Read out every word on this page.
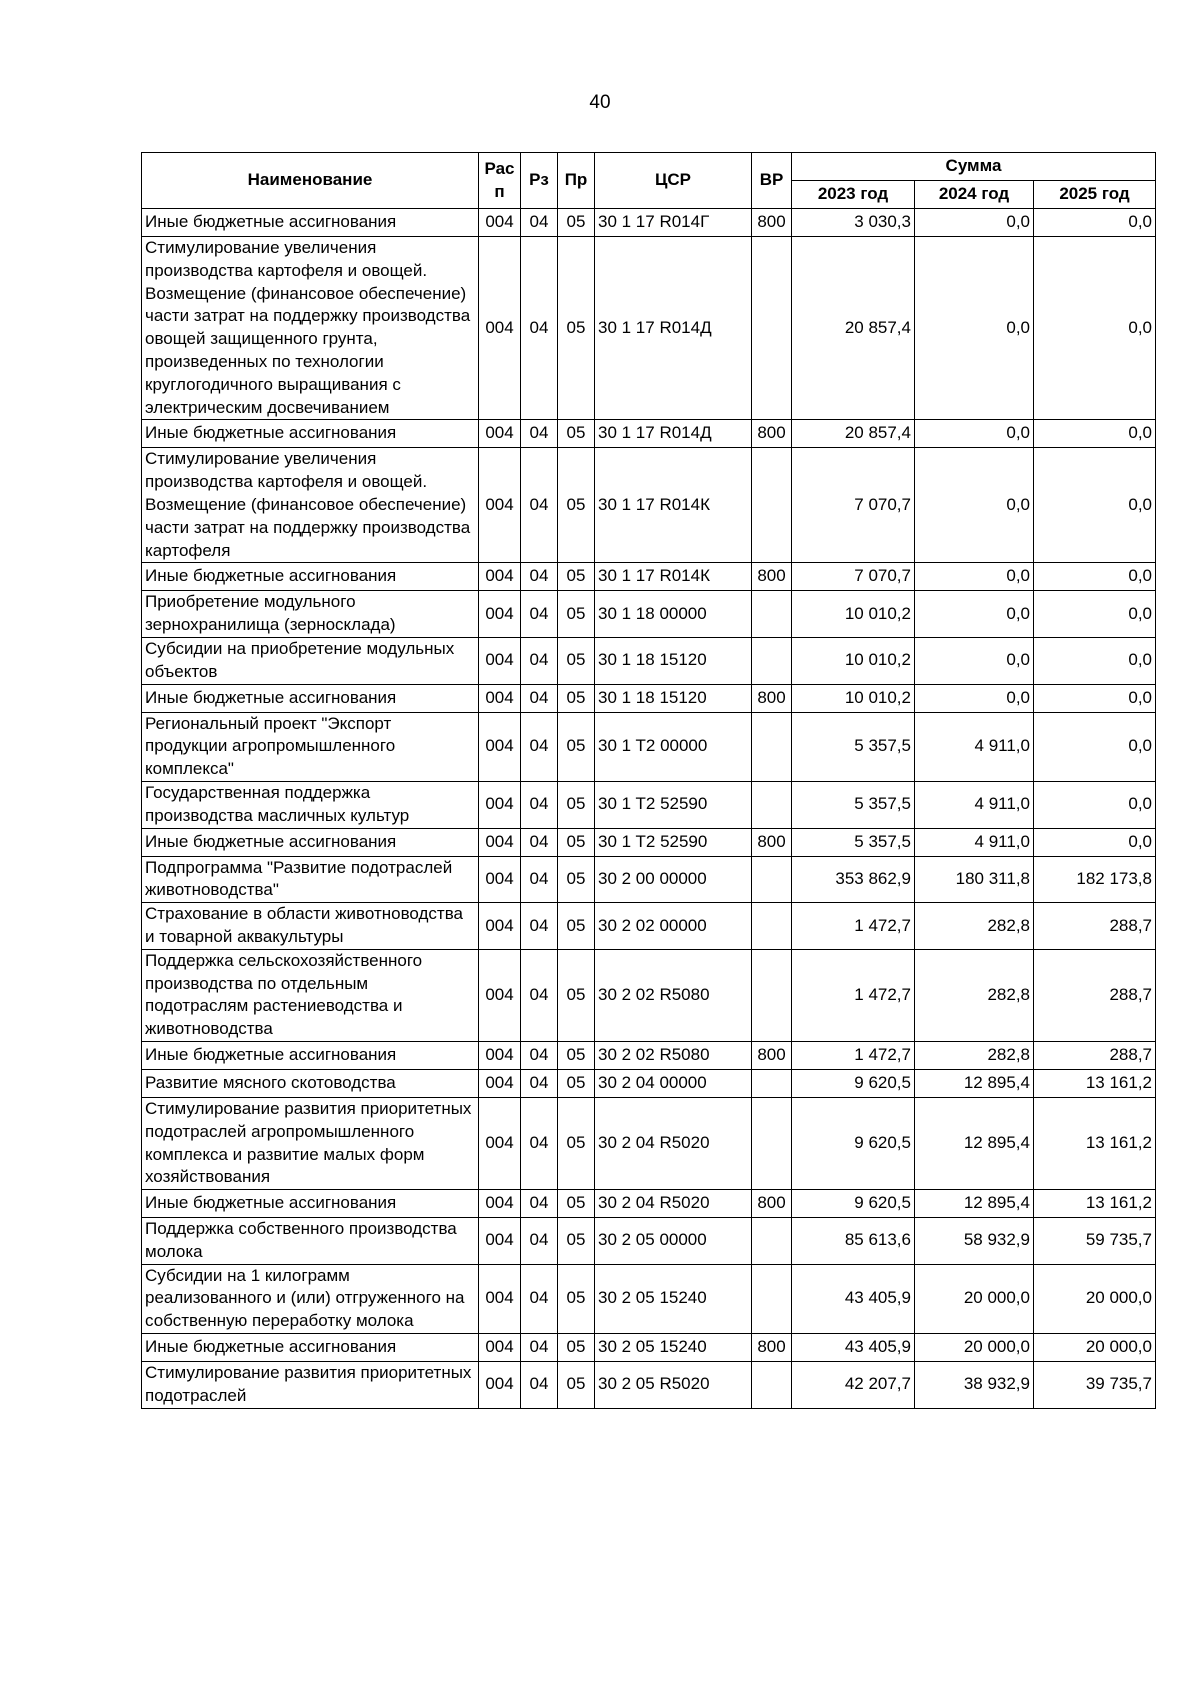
40
Наименование	Рас п	Рз	Пр	ЦСР	ВР	Сумма		
						2023 год	2024 год	2025 год
Иные бюджетные ассигнования	004	04	05	30 1 17 R014Г	800	3 030,3	0,0	0,0
Стимулирование увеличения производства картофеля и овощей. Возмещение (финансовое обеспечение) части затрат на поддержку производства овощей защищенного грунта, произведенных по технологии круглогодичного выращивания с электрическим досвечиванием	004	04	05	30 1 17 R014Д		20 857,4	0,0	0,0
Иные бюджетные ассигнования	004	04	05	30 1 17 R014Д	800	20 857,4	0,0	0,0
Стимулирование увеличения производства картофеля и овощей. Возмещение (финансовое обеспечение) части затрат на поддержку производства картофеля	004	04	05	30 1 17 R014К		7 070,7	0,0	0,0
Иные бюджетные ассигнования	004	04	05	30 1 17 R014К	800	7 070,7	0,0	0,0
Приобретение модульного зернохранилища (зерносклада)	004	04	05	30 1 18 00000		10 010,2	0,0	0,0
Субсидии на приобретение модульных объектов	004	04	05	30 1 18 15120		10 010,2	0,0	0,0
Иные бюджетные ассигнования	004	04	05	30 1 18 15120	800	10 010,2	0,0	0,0
Региональный проект "Экспорт продукции агропромышленного комплекса"	004	04	05	30 1 T2 00000		5 357,5	4 911,0	0,0
Государственная поддержка производства масличных культур	004	04	05	30 1 T2 52590		5 357,5	4 911,0	0,0
Иные бюджетные ассигнования	004	04	05	30 1 T2 52590	800	5 357,5	4 911,0	0,0
Подпрограмма "Развитие подотраслей животноводства"	004	04	05	30 2 00 00000		353 862,9	180 311,8	182 173,8
Страхование в области животноводства и товарной аквакультуры	004	04	05	30 2 02 00000		1 472,7	282,8	288,7
Поддержка сельскохозяйственного производства по отдельным подотраслям растениеводства и животноводства	004	04	05	30 2 02 R5080		1 472,7	282,8	288,7
Иные бюджетные ассигнования	004	04	05	30 2 02 R5080	800	1 472,7	282,8	288,7
Развитие мясного скотоводства	004	04	05	30 2 04 00000		9 620,5	12 895,4	13 161,2
Стимулирование развития приоритетных подотраслей агропромышленного комплекса и развитие малых форм хозяйствования	004	04	05	30 2 04 R5020		9 620,5	12 895,4	13 161,2
Иные бюджетные ассигнования	004	04	05	30 2 04 R5020	800	9 620,5	12 895,4	13 161,2
Поддержка собственного производства молока	004	04	05	30 2 05 00000		85 613,6	58 932,9	59 735,7
Субсидии на 1 килограмм реализованного и (или) отгруженного на собственную переработку молока	004	04	05	30 2 05 15240		43 405,9	20 000,0	20 000,0
Иные бюджетные ассигнования	004	04	05	30 2 05 15240	800	43 405,9	20 000,0	20 000,0
Стимулирование развития приоритетных подотраслей	004	04	05	30 2 05 R5020		42 207,7	38 932,9	39 735,7
